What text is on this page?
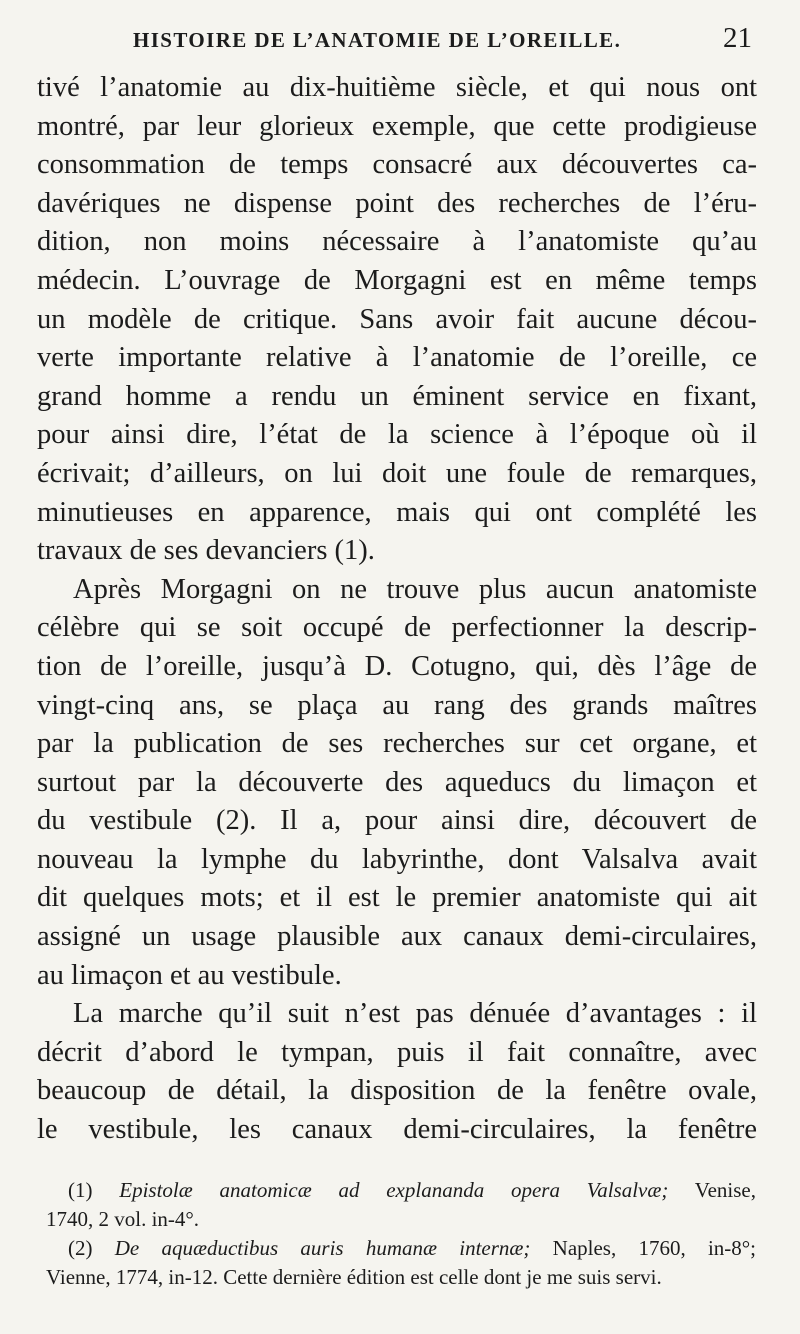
HISTOIRE DE L’ANATOMIE DE L’OREILLE.	21
tivé l’anatomie au dix-huitième siècle, et qui nous ont
montré, par leur glorieux exemple, que cette prodigieuse
consommation de temps consacré aux découvertes ca-
davériques ne dispense point des recherches de l’éru-
dition, non moins nécessaire à l’anatomiste qu’au
médecin. L’ouvrage de Morgagni est en même temps
un modèle de critique. Sans avoir fait aucune décou-
verte importante relative à l’anatomie de l’oreille, ce
grand homme a rendu un éminent service en fixant,
pour ainsi dire, l’état de la science à l’époque où il
écrivait; d’ailleurs, on lui doit une foule de remarques,
minutieuses en apparence, mais qui ont complété les
travaux de ses devanciers (1).
Après Morgagni on ne trouve plus aucun anatomiste
célèbre qui se soit occupé de perfectionner la descrip-
tion de l’oreille, jusqu’à D. Cotugno, qui, dès l’âge de
vingt-cinq ans, se plaça au rang des grands maîtres
par la publication de ses recherches sur cet organe, et
surtout par la découverte des aqueducs du limaçon et
du vestibule (2). Il a, pour ainsi dire, découvert de
nouveau la lymphe du labyrinthe, dont Valsalva avait
dit quelques mots; et il est le premier anatomiste qui ait
assigné un usage plausible aux canaux demi-circulaires,
au limaçon et au vestibule.
La marche qu’il suit n’est pas dénuée d’avantages : il
décrit d’abord le tympan, puis il fait connaître, avec
beaucoup de détail, la disposition de la fenêtre ovale,
le vestibule, les canaux demi-circulaires, la fenêtre
(1) Epistolæ anatomicæ ad explananda opera Valsalvæ; Venise,
1740, 2 vol. in-4°.
(2) De aquæductibus auris humanæ internæ; Naples, 1760, in-8°;
Vienne, 1774, in-12. Cette dernière édition est celle dont je me suis servi.
